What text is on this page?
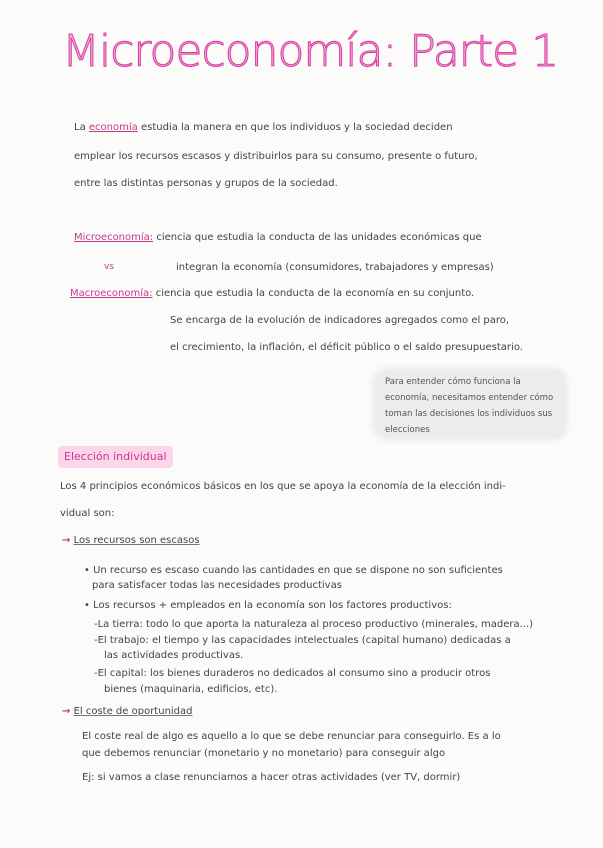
Microeconomía: Parte 1
La economía estudia la manera en que los individuos y la sociedad deciden
emplear los recursos escasos y distribuirlos para su consumo, presente o futuro,
entre las distintas personas y grupos de la sociedad.
Microeconomía: ciencia que estudia la conducta de las unidades económicas que
vs	integran la economía (consumidores, trabajadores y empresas)
Macroeconomía: ciencia que estudia la conducta de la economía en su conjunto.
Se encarga de la evolución de indicadores agregados como el paro,
el crecimiento, la inflación, el déficit público o el saldo presupuestario.
Para entender cómo funciona la economía, necesitamos entender cómo toman las decisiones los individuos sus elecciones
Elección individual
Los 4 principios económicos básicos en los que se apoya la economía de la elección indi-
vidual son:
→ Los recursos son escasos
• Un recurso es escaso cuando las cantidades en que se dispone no son suficientes
para satisfacer todas las necesidades productivas
• Los recursos + empleados en la economía son los factores productivos:
-La tierra: todo lo que aporta la naturaleza al proceso productivo (minerales, madera...)
-El trabajo: el tiempo y las capacidades intelectuales (capital humano) dedicadas a
las actividades productivas.
-El capital: los bienes duraderos no dedicados al consumo sino a producir otros
bienes (maquinaria, edificios, etc).
→ El coste de oportunidad
El coste real de algo es aquello a lo que se debe renunciar para conseguirlo. Es a lo
que debemos renunciar (monetario y no monetario) para conseguir algo
Ej: si vamos a clase renunciamos a hacer otras actividades (ver TV, dormir)
